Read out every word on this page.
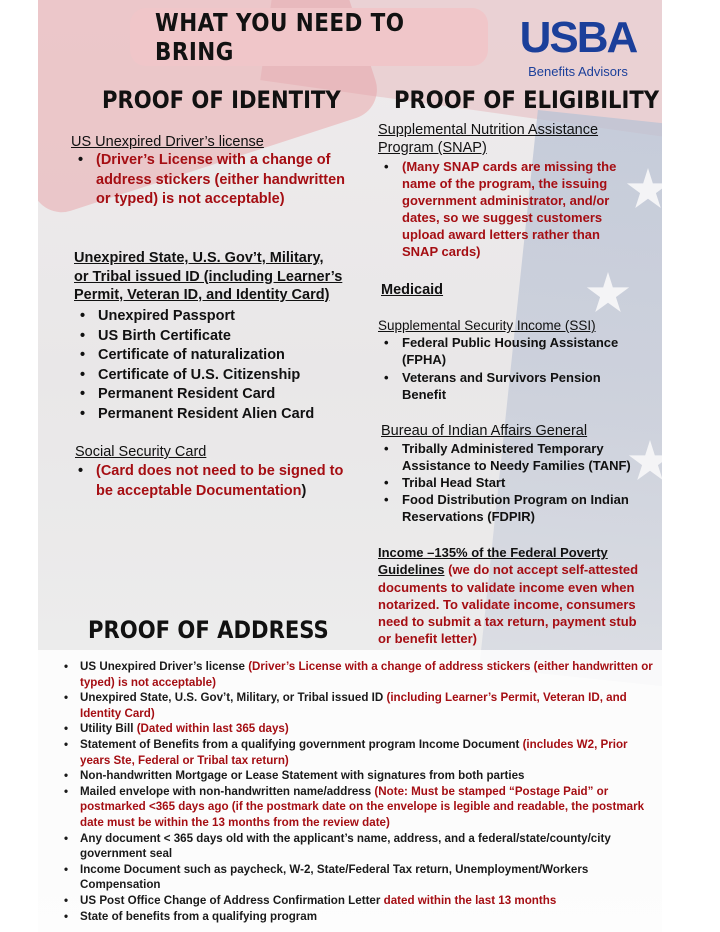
WHAT YOU NEED TO BRING	USBA
Benefits Advisors
PROOF OF IDENTITY
US Unexpired Driver’s license
• (Driver’s License with a change of address stickers (either handwritten or typed) is not acceptable)
Unexpired State, U.S. Gov’t, Military,
or Tribal issued ID (including Learner’s
Permit, Veteran ID, and Identity Card)
• Unexpired Passport
• US Birth Certificate
• Certificate of naturalization
• Certificate of U.S. Citizenship
• Permanent Resident Card
• Permanent Resident Alien Card
Social Security Card
• (Card does not need to be signed to be acceptable Documentation)
PROOF OF ELIGIBILITY
Supplemental Nutrition Assistance Program (SNAP)
• (Many SNAP cards are missing the name of the program, the issuing government administrator, and/or dates, so we suggest customers upload award letters rather than SNAP cards)
Medicaid
Supplemental Security Income (SSI)
• Federal Public Housing Assistance (FPHA)
• Veterans and Survivors Pension Benefit
Bureau of Indian Affairs General
• Tribally Administered Temporary Assistance to Needy Families (TANF)
• Tribal Head Start
• Food Distribution Program on Indian Reservations (FDPIR)

Income –135% of the Federal Poverty Guidelines (we do not accept self-attested documents to validate income even when notarized. To validate income, consumers need to submit a tax return, payment stub or benefit letter)

PROOF OF ADDRESS
• US Unexpired Driver’s license (Driver’s License with a change of address stickers (either handwritten or typed) is not acceptable)
• Unexpired State, U.S. Gov’t, Military, or Tribal issued ID (including Learner’s Permit, Veteran ID, and Identity Card)
• Utility Bill (Dated within last 365 days)
• Statement of Benefits from a qualifying government program Income Document (includes W2, Prior years Ste, Federal or Tribal tax return)
• Non-handwritten Mortgage or Lease Statement with signatures from both parties
• Mailed envelope with non-handwritten name/address (Note: Must be stamped “Postage Paid” or postmarked <365 days ago (if the postmark date on the envelope is legible and readable, the postmark date must be within the 13 months from the review date)
• Any document < 365 days old with the applicant’s name, address, and a federal/state/county/city government seal
• Income Document such as paycheck, W-2, State/Federal Tax return, Unemployment/Workers Compensation
• US Post Office Change of Address Confirmation Letter dated within the last 13 months
• State of benefits from a qualifying program
